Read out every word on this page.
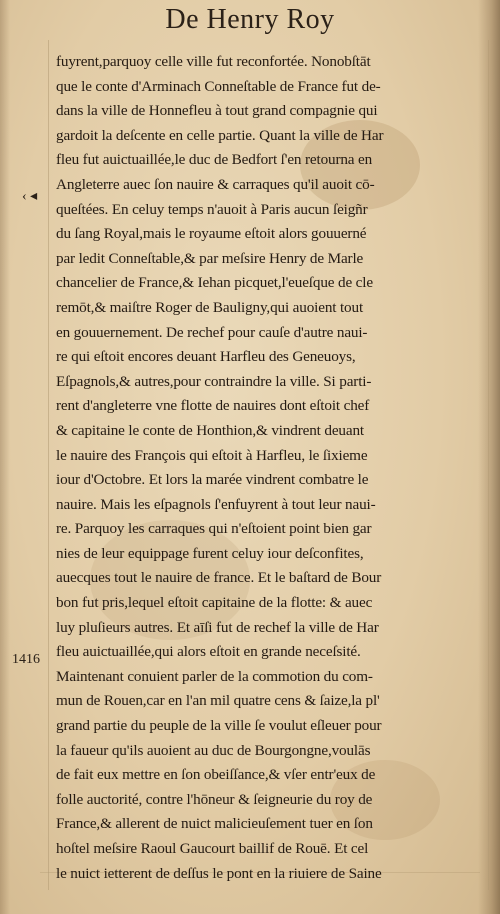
De Henry Roy
‹ ◂
1416
fuyrent,parquoy celle ville fut reconfortée. Nonobſtāt
que le conte d'Arminach Conneſtable de France fut de-
dans la ville de Honnefleu à tout grand compagnie qui
gardoit la deſcente en celle partie. Quant la ville de Har
fleu fut auictuaillée,le duc de Bedfort ſ'en retourna en
Angleterre auec ſon nauire & carraques qu'il auoit cō-
queſtées. En celuy temps n'auoit à Paris aucun ſeigñr
du ſang Royal,mais le royaume eſtoit alors gouuerné
par ledit Conneſtable,& par meſsire Henry de Marle
chancelier de France,& Iehan picquet,l'eueſque de cle
remōt,& maiſtre Roger de Bauligny,qui auoient tout
en gouuernement. De rechef pour cauſe d'autre naui-
re qui eſtoit encores deuant Harfleu des Geneuoys,
Eſpagnols,& autres,pour contraindre la ville. Si parti-
rent d'angleterre vne flotte de nauires dont eſtoit chef
& capitaine le conte de Honthion,& vindrent deuant
le nauire des François qui eſtoit à Harfleu, le ſixieme
iour d'Octobre. Et lors la marée vindrent combatre le
nauire. Mais les eſpagnols ſ'enfuyrent à tout leur naui-
re. Parquoy les carraques qui n'eſtoient point bien gar
nies de leur equippage furent celuy iour deſconfites,
auecques tout le nauire de france. Et le baſtard de Bour
bon fut pris,lequel eſtoit capitaine de la flotte: & auec
luy pluſieurs autres. Et aīſi fut de rechef la ville de Har
fleu auictuaillée,qui alors eſtoit en grande neceſsité.
Maintenant conuient parler de la commotion du com-
mun de Rouen,car en l'an mil quatre cens & ſaize,la pl'
grand partie du peuple de la ville ſe voulut eſleuer pour
la faueur qu'ils auoient au duc de Bourgongne,voulās
de fait eux mettre en ſon obeiſſance,& vſer entr'eux de
folle auctorité, contre l'hōneur & ſeigneurie du roy de
France,& allerent de nuict malicieuſement tuer en ſon
hoſtel meſsire Raoul Gaucourt baillif de Rouē. Et cel
le nuict ietterent de deſſus le pont en la riuiere de Saine
